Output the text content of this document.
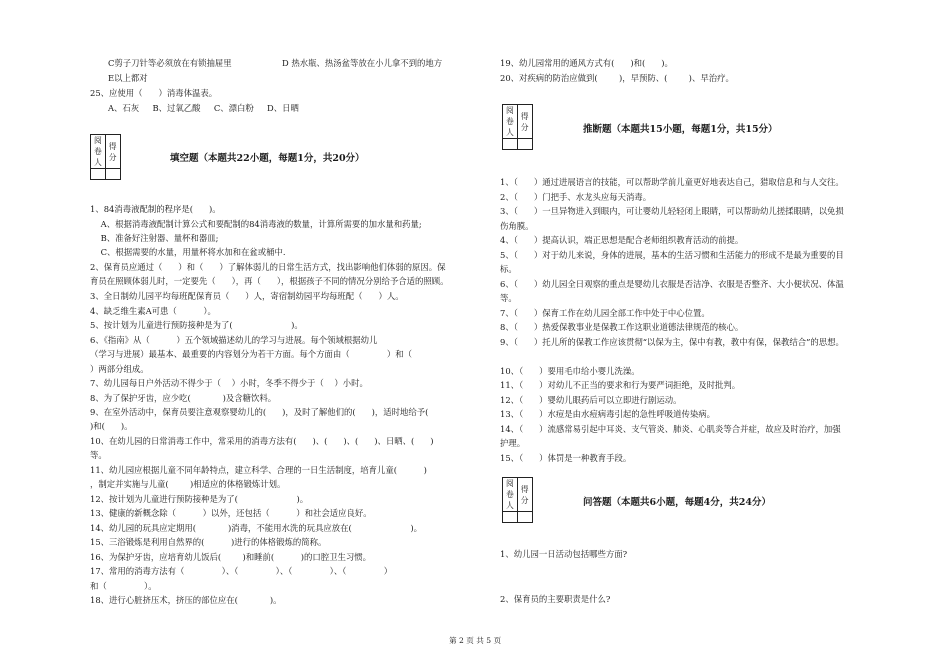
C剪子刀针等必须放在有锁抽屉里	D 热水瓶、热汤盆等放在小儿拿不到的地方
E以上都对
25、应使用（      ）消毒体温表。
A、石灰     B、过氧乙酸     C、漂白粉     D、日晒
阅卷人	得分
		填空题（本题共22小题，每题1分，共20分）
1、84消毒液配制的程序是(      )。
A、根据消毒液配制计算公式和要配制的84消毒液的数量，计算所需要的加水量和药量;
B、准备好注射器、量杯和器皿;
C、根据需要的水量，用量杯将水加和在盆或桶中.
2、保育员应通过（      ）和（      ）了解体弱儿的日常生活方式，找出影响他们体弱的原因。保
育员在照顾体弱儿时，一定要先（      ），再（      ），根据孩子不同的情况分别给予合适的照顾。
3、全日制幼儿园平均每班配保育员（      ）人，寄宿制幼园平均每班配（      ）人。
4、缺乏维生素A可患（          ）。
5、按计划为儿童进行预防接种是为了(                      )。
6、《指南》从（          ）五个领域描述幼儿的学习与进展。每个领域根据幼儿
（学习与进展）最基本、最重要的内容划分为若干方面。每个方面由（              ）和（
）两部分组成。
7、幼儿园每日户外活动不得少于（    ）小时，冬季不得少于（    ）小时。
8、为了保护牙齿，应少吃(            )及含糖饮料。
9、在室外活动中，保育员要注意观察婴幼儿的(      )，及时了解他们的(      )，适时地给予(
)和(      )。
10、在幼儿园的日常消毒工作中，常采用的消毒方法有(      )、(      )、(      )、日晒、(      )
等。
11、幼儿园应根据儿童不同年龄特点，建立科学、合理的一日生活制度，培育儿童(          )
，制定并实施与儿童(        )相适应的体格锻炼计划。
12、按计划为儿童进行预防接种是为了(                      )。
13、健康的新概念除（          ）以外，还包括（          ）和社会适应良好。
14、幼儿园的玩具应定期用(            )消毒，不能用水洗的玩具应放在(                      )。
15、三浴锻炼是利用自然界的(          )进行的体格锻炼的简称。
16、为保护牙齿，应培育幼儿饭后(        )和睡前(          )的口腔卫生习惯。
17、常用的消毒方法有（              ）、（              ）、（              ）、（              ）
和（              ）。
18、进行心脏挤压术，挤压的部位应在(            )。
19、幼儿园常用的通风方式有(      )和(      )。
20、对疾病的防治应做到(        )，早预防、(        )、早治疗。
阅卷人	得分
		推断题（本题共15小题，每题1分，共15分）
1、（      ）通过进展语言的技能，可以帮助学前儿童更好地表达自己，猎取信息和与人交往。
2、（      ）门把手、水龙头应每天消毒。
3、（      ）一旦异物进入到眼内，可让婴幼儿轻轻闭上眼睛，可以帮助幼儿搓揉眼睛，以免损
伤角膜。
4、（      ）提高认识，端正思想是配合老师组织教育活动的前提。
5、（      ）对于幼儿来说，身体的进展，基本的生活习惯和生活能力的形成不是最为重要的目
标。
6、（      ）幼儿园全日观察的重点是婴幼儿衣服是否洁净、衣服是否整齐、大小便状况、体温
等。
7、（      ）保育工作在幼儿园全部工作中处于中心位置。
8、（      ）热爱保教事业是保教工作这职业道德法律规范的核心。
9、（      ）托儿所的保教工作应该贯彻“以保为主，保中有教，教中有保，保教结合”的思想。
10、（      ）要用毛巾给小婴儿洗澡。
11、（      ）对幼儿不正当的要求和行为要严词拒绝，及时批判。
12、（      ）婴幼儿眼药后可以立即进行剧运动。
13、（      ）水痘是由水痘病毒引起的急性呼吸道传染病。
14、（      ）流感常易引起中耳炎、支气管炎、肺炎、心肌炎等合并症，故应及时治疗，加强
护理。
15、（      ）体罚是一种教育手段。
阅卷人	得分
		问答题（本题共6小题，每题4分，共24分）
1、幼儿园一日活动包括哪些方面?
2、保育员的主要职责是什么?
第 2 页 共 5 页
